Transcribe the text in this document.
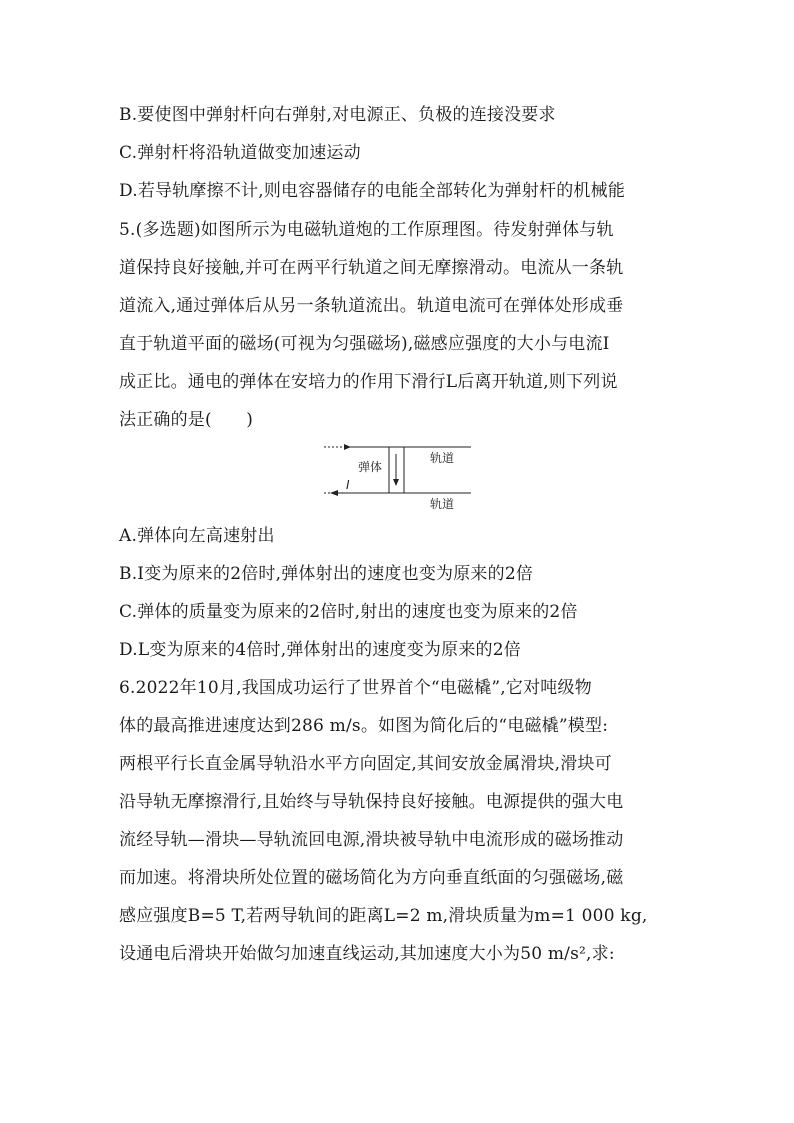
B.要使图中弹射杆向右弹射,对电源正、负极的连接没要求
C.弹射杆将沿轨道做变加速运动
D.若导轨摩擦不计,则电容器储存的电能全部转化为弹射杆的机械能
5.(多选题)如图所示为电磁轨道炮的工作原理图。待发射弹体与轨
道保持良好接触,并可在两平行轨道之间无摩擦滑动。电流从一条轨
道流入,通过弹体后从另一条轨道流出。轨道电流可在弹体处形成垂
直于轨道平面的磁场(可视为匀强磁场),磁感应强度的大小与电流I
成正比。通电的弹体在安培力的作用下滑行L后离开轨道,则下列说
法正确的是(　　)
弹体
轨道
轨道
I
A.弹体向左高速射出
B.I变为原来的2倍时,弹体射出的速度也变为原来的2倍
C.弹体的质量变为原来的2倍时,射出的速度也变为原来的2倍
D.L变为原来的4倍时,弹体射出的速度变为原来的2倍
6.2022年10月,我国成功运行了世界首个“电磁橇”,它对吨级物
体的最高推进速度达到286 m/s。如图为简化后的“电磁橇”模型:
两根平行长直金属导轨沿水平方向固定,其间安放金属滑块,滑块可
沿导轨无摩擦滑行,且始终与导轨保持良好接触。电源提供的强大电
流经导轨—滑块—导轨流回电源,滑块被导轨中电流形成的磁场推动
而加速。将滑块所处位置的磁场简化为方向垂直纸面的匀强磁场,磁
感应强度B=5 T,若两导轨间的距离L=2 m,滑块质量为m=1 000 kg,
设通电后滑块开始做匀加速直线运动,其加速度大小为50 m/s²,求:
